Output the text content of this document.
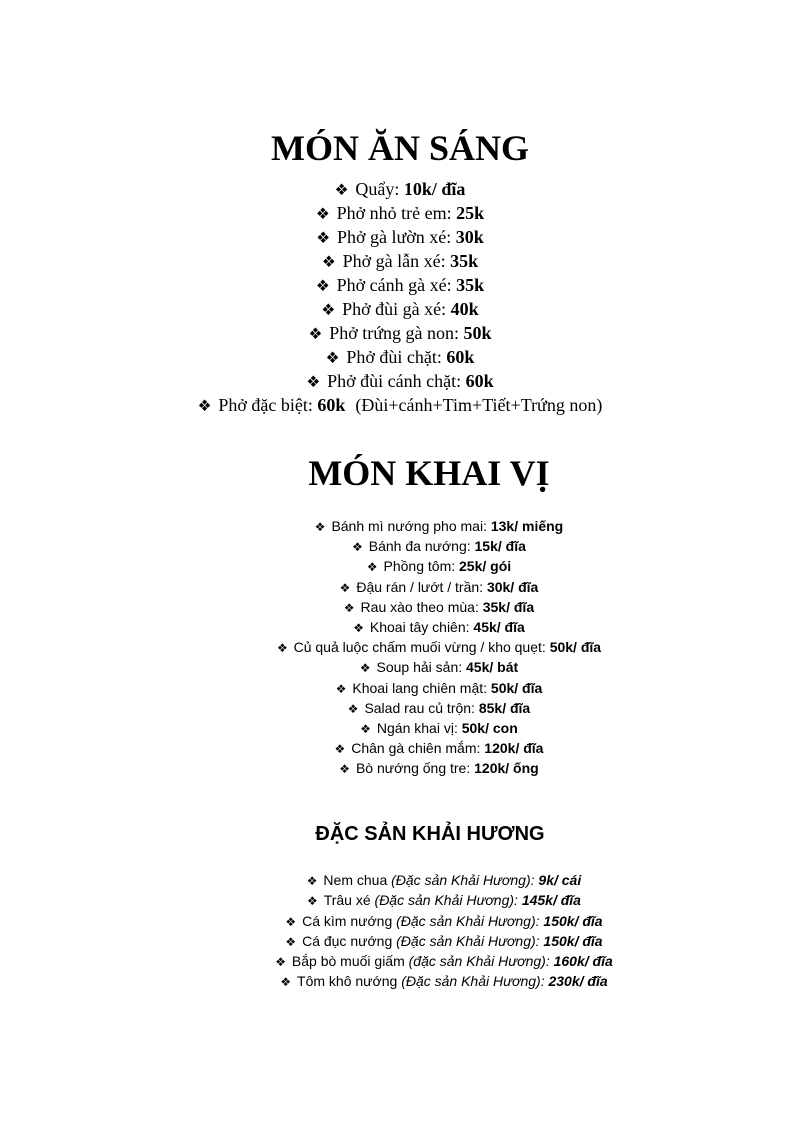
MÓN ĂN SÁNG
❖ Quẩy: 10k/ đĩa
❖ Phở nhỏ trẻ em: 25k
❖ Phở gà lườn xé: 30k
❖ Phở gà lẫn xé: 35k
❖ Phở cánh gà xé: 35k
❖ Phở đùi gà xé: 40k
❖ Phở trứng gà non: 50k
❖ Phở đùi chặt: 60k
❖ Phở đùi cánh chặt: 60k
❖ Phở đặc biệt: 60k (Đùi+cánh+Tim+Tiết+Trứng non)
MÓN KHAI VỊ
❖ Bánh mì nướng pho mai: 13k/ miếng
❖ Bánh đa nướng: 15k/ đĩa
❖ Phồng tôm: 25k/ gói
❖ Đậu rán / lướt / trần: 30k/ đĩa
❖ Rau xào theo mùa: 35k/ đĩa
❖ Khoai tây chiên: 45k/ đĩa
❖ Củ quả luộc chấm muối vừng / kho quẹt: 50k/ đĩa
❖ Soup hải sản: 45k/ bát
❖ Khoai lang chiên mật: 50k/ đĩa
❖ Salad rau củ trộn: 85k/ đĩa
❖ Ngán khai vị: 50k/ con
❖ Chân gà chiên mắm: 120k/ đĩa
❖ Bò nướng ống tre: 120k/ ống
ĐẶC SẢN KHẢI HƯƠNG
❖ Nem chua (Đặc sản Khải Hương): 9k/ cái
❖ Trâu xé (Đặc sản Khải Hương): 145k/ đĩa
❖ Cá kìm nướng (Đặc sản Khải Hương): 150k/ đĩa
❖ Cá đục nướng (Đặc sản Khải Hương): 150k/ đĩa
❖ Bắp bò muối giấm (đặc sản Khải Hương): 160k/ đĩa
❖ Tôm khô nướng (Đặc sản Khải Hương): 230k/ đĩa
